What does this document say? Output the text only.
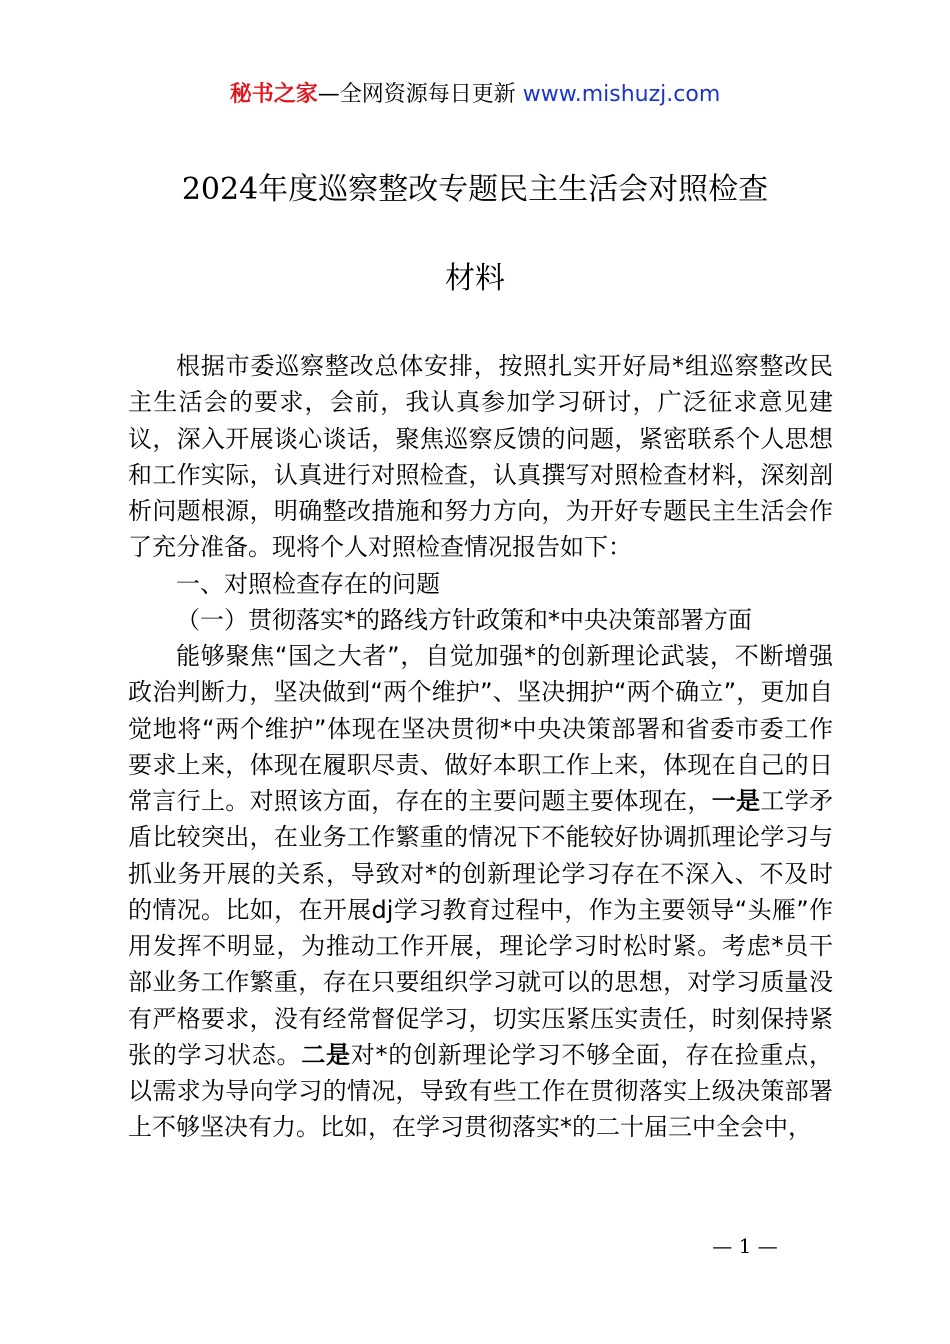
秘书之家—全网资源每日更新 www.mishuzj.com
2024年度巡察整改专题民主生活会对照检查
材料

根据市委巡察整改总体安排，按照扎实开好局*组巡察整改民主生活会的要求，会前，我认真参加学习研讨，广泛征求意见建议，深入开展谈心谈话，聚焦巡察反馈的问题，紧密联系个人思想和工作实际，认真进行对照检查，认真撰写对照检查材料，深刻剖析问题根源，明确整改措施和努力方向，为开好专题民主生活会作了充分准备。现将个人对照检查情况报告如下：

一、对照检查存在的问题

（一）贯彻落实*的路线方针政策和*中央决策部署方面

能够聚焦“国之大者”，自觉加强*的创新理论武装，不断增强政治判断力，坚决做到“两个维护”、坚决拥护“两个确立”，更加自觉地将“两个维护”体现在坚决贯彻*中央决策部署和省委市委工作要求上来，体现在履职尽责、做好本职工作上来，体现在自己的日常言行上。对照该方面，存在的主要问题主要体现在，一是工学矛盾比较突出，在业务工作繁重的情况下不能较好协调抓理论学习与抓业务开展的关系，导致对*的创新理论学习存在不深入、不及时的情况。比如，在开展dj学习教育过程中，作为主要领导“头雁”作用发挥不明显，为推动工作开展，理论学习时松时紧。考虑*员干部业务工作繁重，存在只要组织学习就可以的思想，对学习质量没有严格要求，没有经常督促学习，切实压紧压实责任，时刻保持紧张的学习状态。二是对*的创新理论学习不够全面，存在捡重点，以需求为导向学习的情况，导致有些工作在贯彻落实上级决策部署上不够坚决有力。比如，在学习贯彻落实*的二十届三中全会中，

— 1 —
